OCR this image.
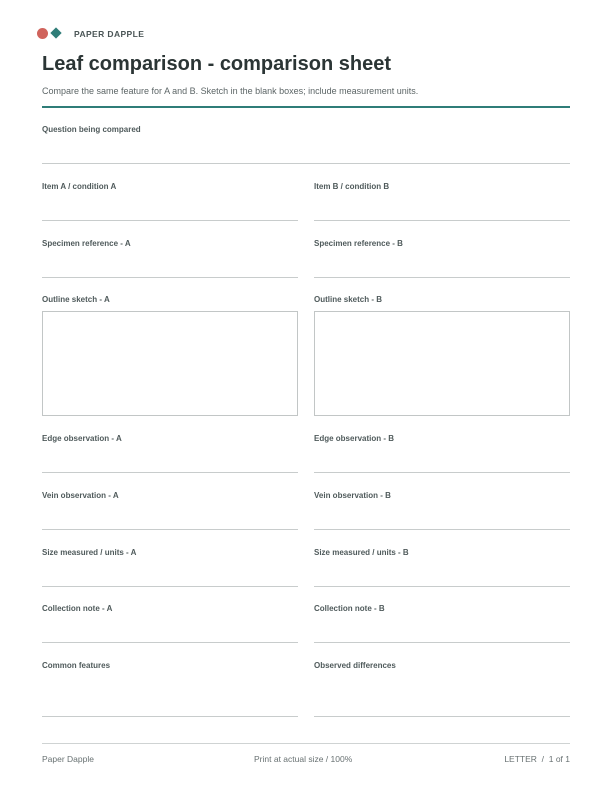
PAPER DAPPLE
Leaf comparison - comparison sheet
Compare the same feature for A and B. Sketch in the blank boxes; include measurement units.
Question being compared
Item A / condition A	Item B / condition B
Specimen reference - A	Specimen reference - B
Outline sketch - A	Outline sketch - B
Edge observation - A	Edge observation - B
Vein observation - A	Vein observation - B
Size measured / units - A	Size measured / units - B
Collection note - A	Collection note - B
Common features	Observed differences
Paper Dapple	Print at actual size / 100%	LETTER  /  1 of 1
